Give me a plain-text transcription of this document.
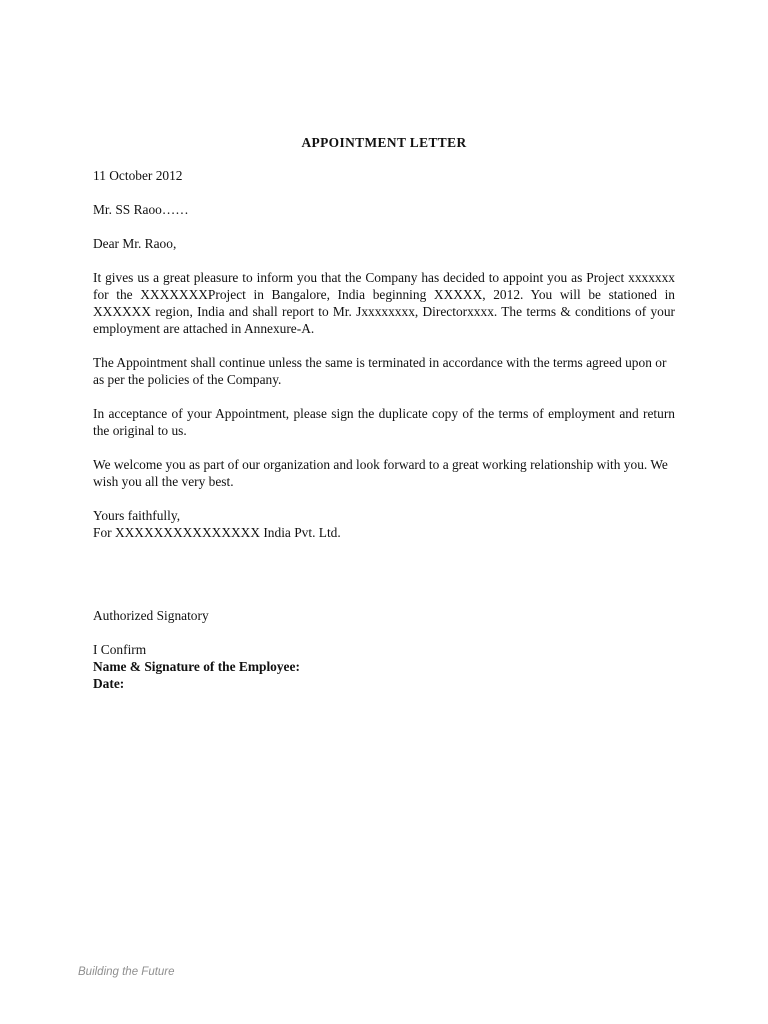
APPOINTMENT LETTER

11 October 2012

Mr. SS Raoo……

Dear Mr. Raoo,

It gives us a great pleasure to inform you that the Company has decided to appoint you as Project xxxxxxx for the XXXXXXXProject in Bangalore, India beginning XXXXX, 2012. You will be stationed in XXXXXX region, India and shall report to Mr. Jxxxxxxxx, Directorxxxx. The terms & conditions of your employment are attached in Annexure-A.

The Appointment shall continue unless the same is terminated in accordance with the terms agreed upon or as per the policies of the Company.

In acceptance of your Appointment, please sign the duplicate copy of the terms of employment and return the original to us.

We welcome you as part of our organization and look forward to a great working relationship with you. We wish you all the very best.

Yours faithfully,
For XXXXXXXXXXXXXXX India Pvt. Ltd.

Authorized Signatory

I Confirm
Name & Signature of the Employee:
Date:
Building the Future
